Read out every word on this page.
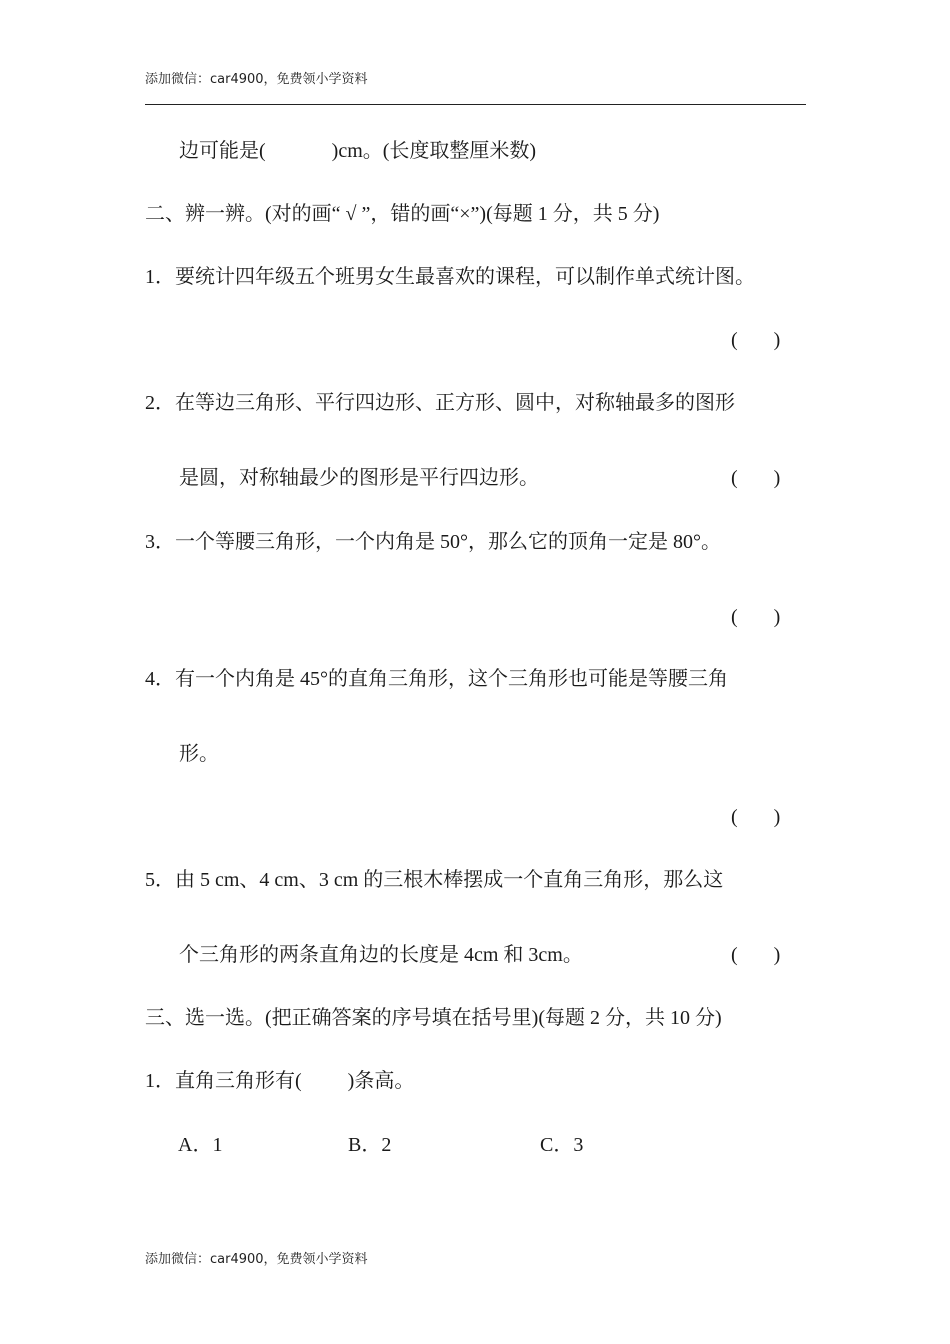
添加微信：car4900，免费领小学资料
边可能是(	)cm。(长度取整厘米数)
二、辨一辨。(对的画“ √ ”，错的画“×”)(每题 1 分，共 5 分)
1．要统计四年级五个班男女生最喜欢的课程，可以制作单式统计图。
( )
2．在等边三角形、平行四边形、正方形、圆中，对称轴最多的图形
是圆，对称轴最少的图形是平行四边形。	( )
3．一个等腰三角形，一个内角是 50°，那么它的顶角一定是 80°。
( )
4．有一个内角是 45°的直角三角形，这个三角形也可能是等腰三角
形。
( )
5．由 5 cm、4 cm、3 cm 的三根木棒摆成一个直角三角形，那么这
个三角形的两条直角边的长度是 4cm 和 3cm。	( )
三、选一选。(把正确答案的序号填在括号里)(每题 2 分，共 10 分)
1．直角三角形有( )条高。
A．1	B．2	C．3
添加微信：car4900，免费领小学资料
